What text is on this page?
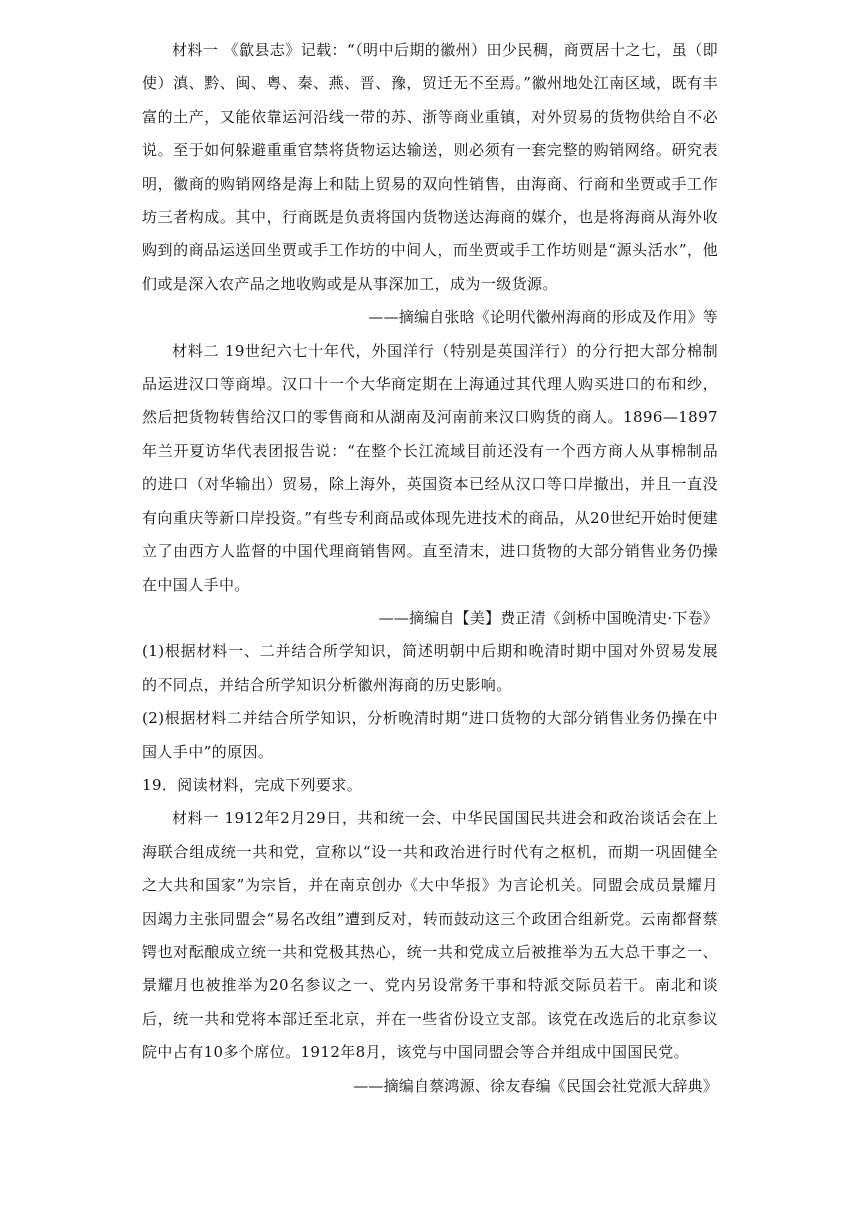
材料一 《歙县志》记载：“（明中后期的徽州）田少民稠，商贾居十之七，虽（即使）滇、黔、闽、粤、秦、燕、晋、豫，贸迁无不至焉。”徽州地处江南区域，既有丰富的土产，又能依靠运河沿线一带的苏、浙等商业重镇，对外贸易的货物供给自不必说。至于如何躲避重重官禁将货物运达输送，则必须有一套完整的购销网络。研究表明，徽商的购销网络是海上和陆上贸易的双向性销售，由海商、行商和坐贾或手工作坊三者构成。其中，行商既是负责将国内货物送达海商的媒介，也是将海商从海外收购到的商品运送回坐贾或手工作坊的中间人，而坐贾或手工作坊则是“源头活水”，他们或是深入农产品之地收购或是从事深加工，成为一级货源。

——摘编自张晗《论明代徽州海商的形成及作用》等

材料二 19世纪六七十年代，外国洋行（特别是英国洋行）的分行把大部分棉制品运进汉口等商埠。汉口十一个大华商定期在上海通过其代理人购买进口的布和纱，然后把货物转售给汉口的零售商和从湖南及河南前来汉口购货的商人。1896—1897年兰开夏访华代表团报告说：“在整个长江流域目前还没有一个西方商人从事棉制品的进口（对华输出）贸易，除上海外，英国资本已经从汉口等口岸撤出，并且一直没有向重庆等新口岸投资。”有些专利商品或体现先进技术的商品，从20世纪开始时便建立了由西方人监督的中国代理商销售网。直至清末，进口货物的大部分销售业务仍操在中国人手中。

——摘编自【美】费正清《剑桥中国晚清史·下卷》

(1)根据材料一、二并结合所学知识，简述明朝中后期和晚清时期中国对外贸易发展的不同点，并结合所学知识分析徽州海商的历史影响。

(2)根据材料二并结合所学知识，分析晚清时期“进口货物的大部分销售业务仍操在中国人手中”的原因。

19．阅读材料，完成下列要求。

材料一 1912年2月29日，共和统一会、中华民国国民共进会和政治谈话会在上海联合组成统一共和党，宣称以“设一共和政治进行时代有之枢机，而期一巩固健全之大共和国家”为宗旨，并在南京创办《大中华报》为言论机关。同盟会成员景耀月因竭力主张同盟会“易名改组”遭到反对，转而鼓动这三个政团合组新党。云南都督蔡锷也对酝酿成立统一共和党极其热心，统一共和党成立后被推举为五大总干事之一、景耀月也被推举为20名参议之一、党内另设常务干事和特派交际员若干。南北和谈后，统一共和党将本部迁至北京，并在一些省份设立支部。该党在改选后的北京参议院中占有10多个席位。1912年8月，该党与中国同盟会等合并组成中国国民党。

——摘编自蔡鸿源、徐友春编《民国会社党派大辞典》
